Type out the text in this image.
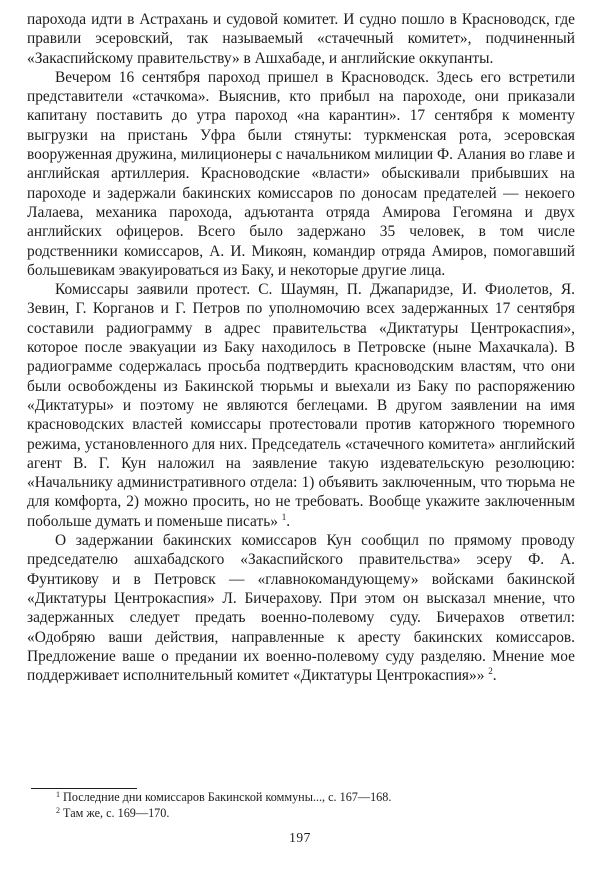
парохода идти в Астрахань и судовой комитет. И судно пошло в Красноводск, где правили эсеровский, так называемый «стачечный комитет», подчиненный «Закаспийскому правительству» в Ашхабаде, и английские оккупанты.

Вечером 16 сентября пароход пришел в Красноводск. Здесь его встретили представители «стачкома». Выяснив, кто прибыл на пароходе, они приказали капитану поставить до утра пароход «на карантин». 17 сентября к моменту выгрузки на пристань Уфра были стянуты: туркменская рота, эсеровская вооруженная дружина, милиционеры с начальником милиции Ф. Алания во главе и английская артиллерия. Красноводские «власти» обыскивали прибывших на пароходе и задержали бакинских комиссаров по доносам предателей — некоего Лалаева, механика парохода, адъютанта отряда Амирова Гегомяна и двух английских офицеров. Всего было задержано 35 человек, в том числе родственники комиссаров, А. И. Микоян, командир отряда Амиров, помогавший большевикам эвакуироваться из Баку, и некоторые другие лица.

Комиссары заявили протест. С. Шаумян, П. Джапаридзе, И. Фиолетов, Я. Зевин, Г. Корганов и Г. Петров по уполномочию всех задержанных 17 сентября составили радиограмму в адрес правительства «Диктатуры Центрокаспия», которое после эвакуации из Баку находилось в Петровске (ныне Махачкала). В радиограмме содержалась просьба подтвердить красноводским властям, что они были освобождены из Бакинской тюрьмы и выехали из Баку по распоряжению «Диктатуры» и поэтому не являются беглецами. В другом заявлении на имя красноводских властей комиссары протестовали против каторжного тюремного режима, установленного для них. Председатель «стачечного комитета» английский агент В. Г. Кун наложил на заявление такую издевательскую резолюцию: «Начальнику административного отдела: 1) объявить заключенным, что тюрьма не для комфорта, 2) можно просить, но не требовать. Вообще укажите заключенным побольше думать и поменьше писать» $^1$.

О задержании бакинских комиссаров Кун сообщил по прямому проводу председателю ашхабадского «Закаспийского правительства» эсеру Ф. А. Фунтикову и в Петровск — «главнокомандующему» войсками бакинской «Диктатуры Центрокаспия» Л. Бичерахову. При этом он высказал мнение, что задержанных следует предать военно-полевому суду. Бичерахов ответил: «Одобряю ваши действия, направленные к аресту бакинских комиссаров. Предложение ваше о предании их военно-полевому суду разделяю. Мнение мое поддерживает исполнительный комитет «Диктатуры Центрокаспия»» $^2$.

$^1$ Последние дни комиссаров Бакинской коммуны..., с. 167—168.

$^2$ Там же, с. 169—170.

197
